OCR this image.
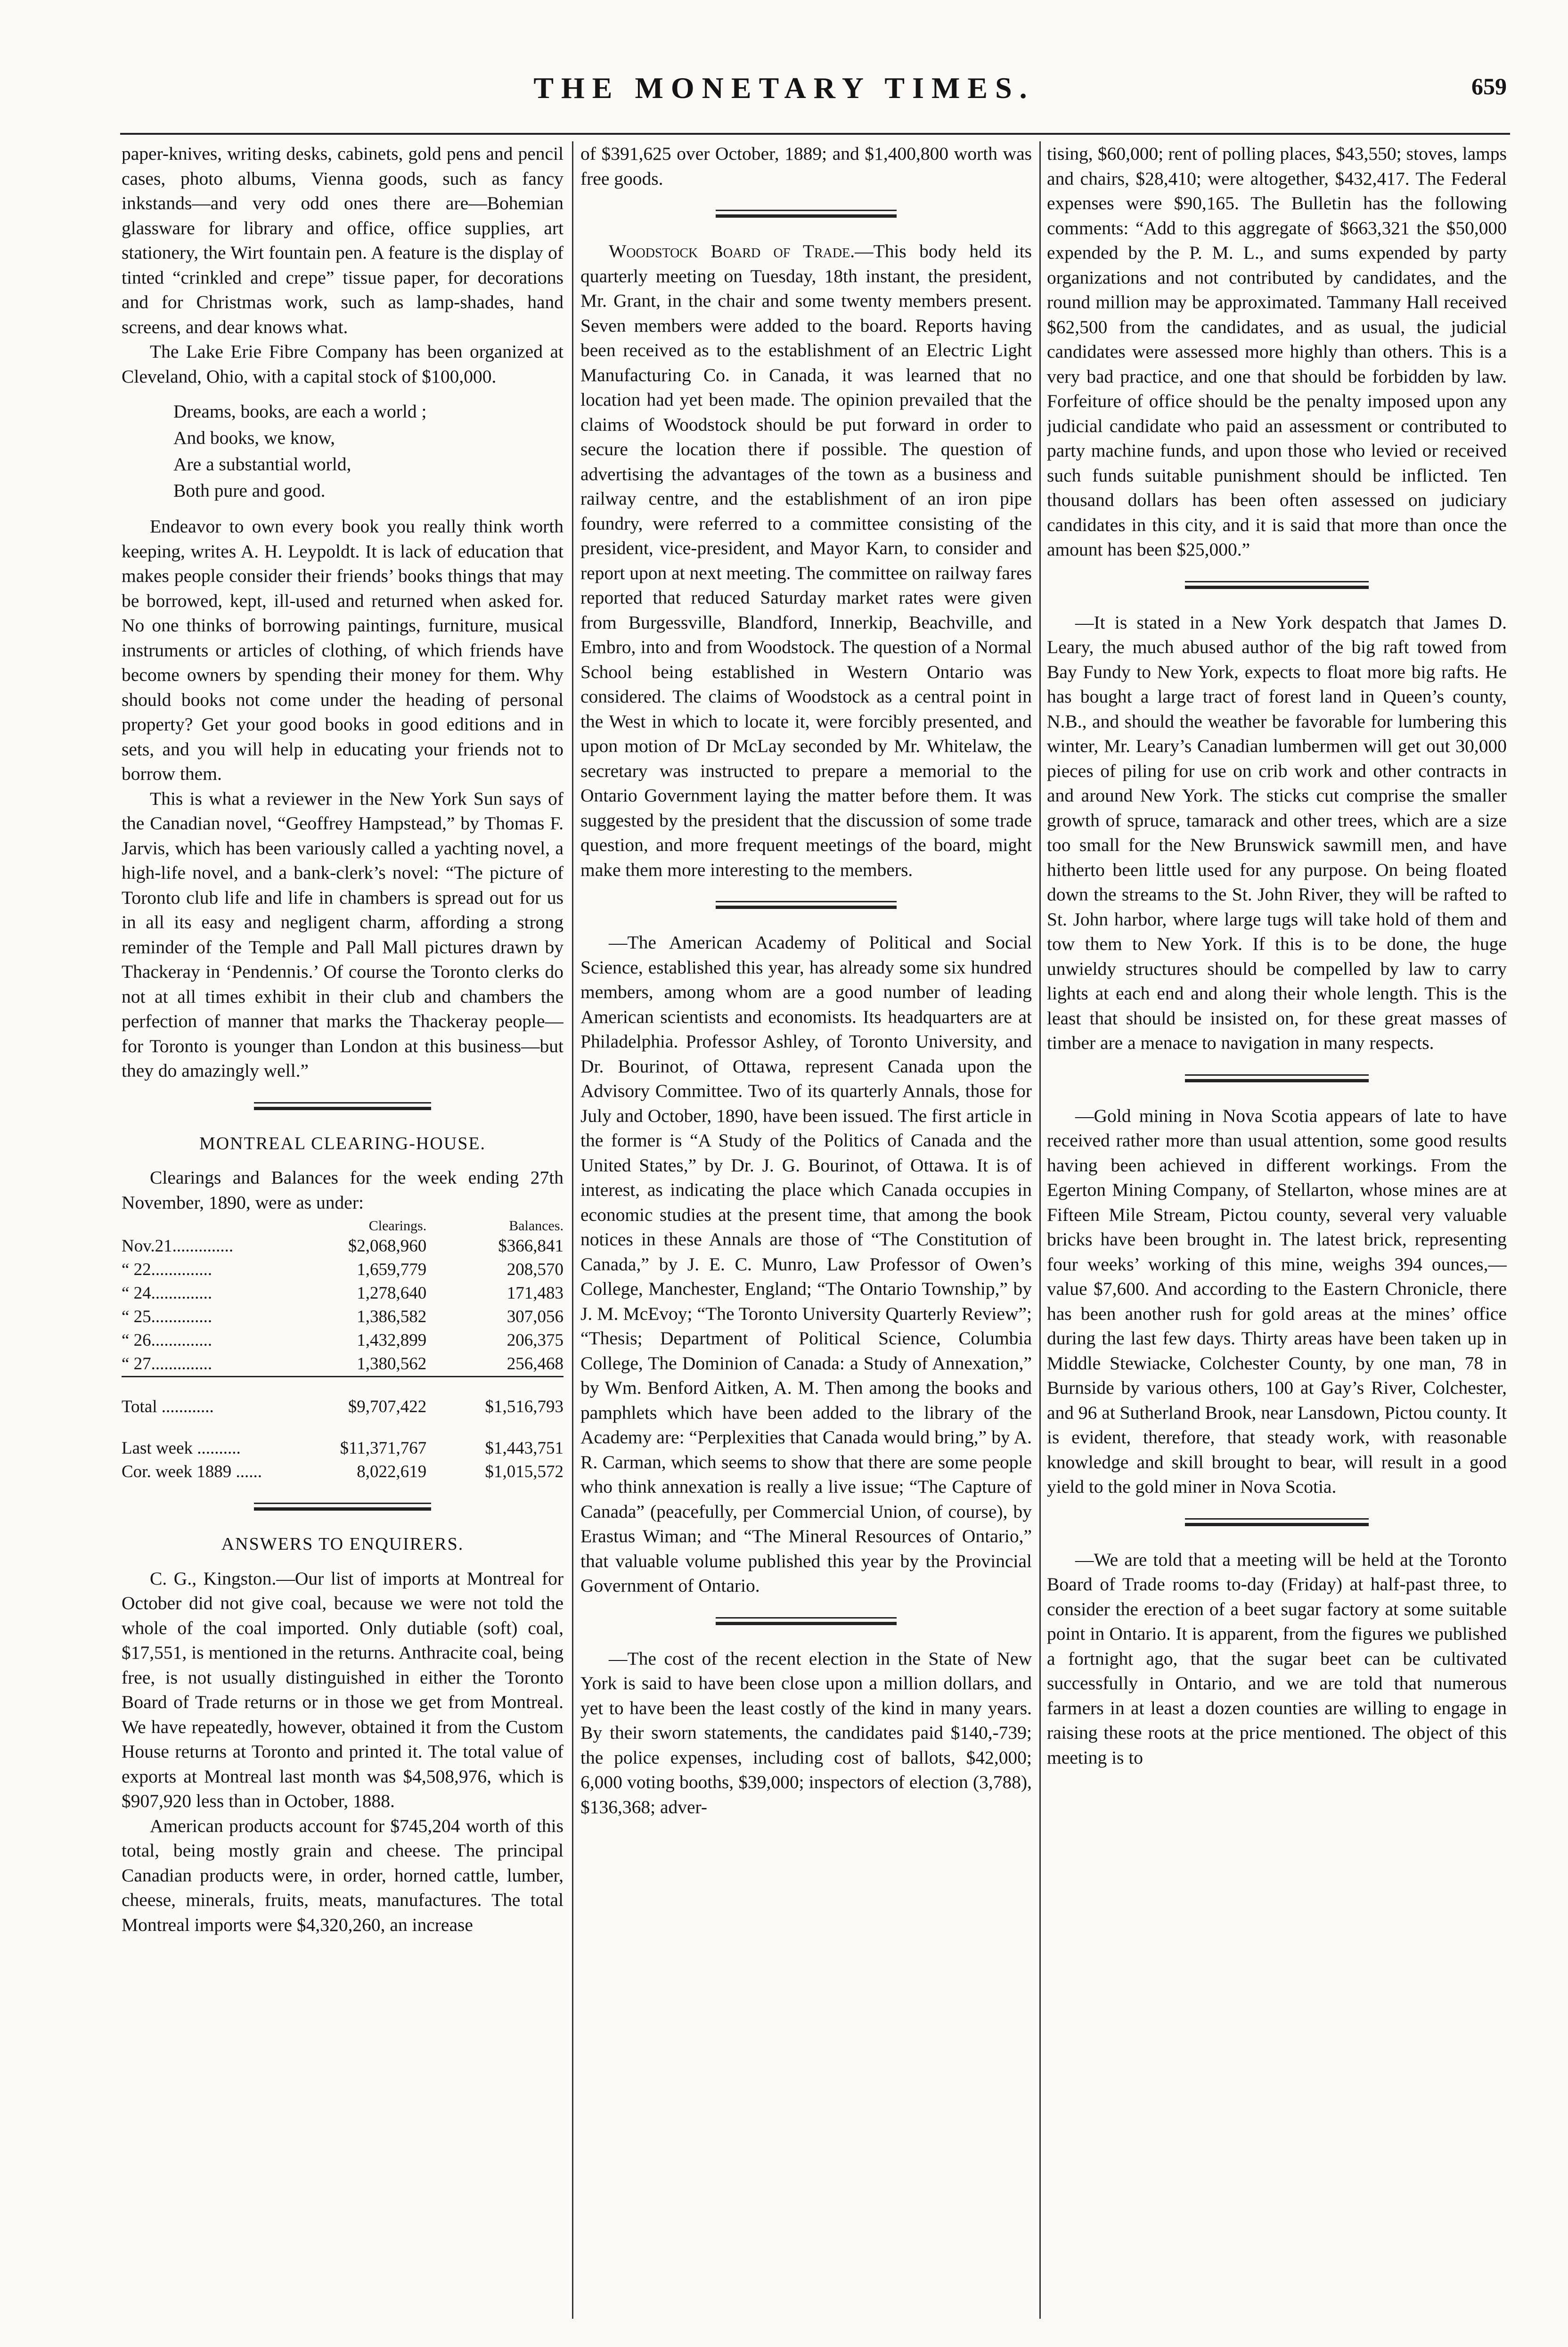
THE MONETARY TIMES.	659

paper-knives, writing desks, cabinets, gold pens and pencil cases, photo albums, Vienna goods, such as fancy inkstands—and very odd ones there are—Bohemian glassware for library and office, office supplies, art stationery, the Wirt fountain pen. A feature is the display of tinted “crinkled and crepe” tissue paper, for decorations and for Christmas work, such as lamp-shades, hand screens, and dear knows what.

The Lake Erie Fibre Company has been organized at Cleveland, Ohio, with a capital stock of $100,000.

Dreams, books, are each a world ;
And books, we know,
Are a substantial world,
Both pure and good.

Endeavor to own every book you really think worth keeping, writes A. H. Leypoldt. It is lack of education that makes people consider their friends’ books things that may be borrowed, kept, ill-used and returned when asked for. No one thinks of borrowing paintings, furniture, musical instruments or articles of clothing, of which friends have become owners by spending their money for them. Why should books not come under the heading of personal property? Get your good books in good editions and in sets, and you will help in educating your friends not to borrow them.

This is what a reviewer in the New York Sun says of the Canadian novel, “Geoffrey Hampstead,” by Thomas F. Jarvis, which has been variously called a yachting novel, a high-life novel, and a bank-clerk’s novel: “The picture of Toronto club life and life in chambers is spread out for us in all its easy and negligent charm, affording a strong reminder of the Temple and Pall Mall pictures drawn by Thackeray in ‘Pendennis.’ Of course the Toronto clerks do not at all times exhibit in their club and chambers the perfection of manner that marks the Thackeray people—for Toronto is younger than London at this business—but they do amazingly well.”

MONTREAL CLEARING-HOUSE.

Clearings and Balances for the week ending 27th November, 1890, were as under:

	Clearings.	Balances.
Nov.21..............	$2,068,960	$366,841
“ 22..............	1,659,779	208,570
“ 24..............	1,278,640	171,483
“ 25..............	1,386,582	307,056
“ 26..............	1,432,899	206,375
“ 27..............	1,380,562	256,468
Total ............	$9,707,422	$1,516,793
Last week ..........	$11,371,767	$1,443,751
Cor. week 1889 ......	8,022,619	$1,015,572
ANSWERS TO ENQUIRERS.

C. G., Kingston.—Our list of imports at Montreal for October did not give coal, because we were not told the whole of the coal imported. Only dutiable (soft) coal, $17,551, is mentioned in the returns. Anthracite coal, being free, is not usually distinguished in either the Toronto Board of Trade returns or in those we get from Montreal. We have repeatedly, however, obtained it from the Custom House returns at Toronto and printed it. The total value of exports at Montreal last month was $4,508,976, which is $907,920 less than in October, 1888.

American products account for $745,204 worth of this total, being mostly grain and cheese. The principal Canadian products were, in order, horned cattle, lumber, cheese, minerals, fruits, meats, manufactures. The total Montreal imports were $4,320,260, an increase

of $391,625 over October, 1889; and $1,400,800 worth was free goods.

Woodstock Board of Trade.—This body held its quarterly meeting on Tuesday, 18th instant, the president, Mr. Grant, in the chair and some twenty members present. Seven members were added to the board. Reports having been received as to the establishment of an Electric Light Manufacturing Co. in Canada, it was learned that no location had yet been made. The opinion prevailed that the claims of Woodstock should be put forward in order to secure the location there if possible. The question of advertising the advantages of the town as a business and railway centre, and the establishment of an iron pipe foundry, were referred to a committee consisting of the president, vice-president, and Mayor Karn, to consider and report upon at next meeting. The committee on railway fares reported that reduced Saturday market rates were given from Burgessville, Blandford, Innerkip, Beachville, and Embro, into and from Woodstock. The question of a Normal School being established in Western Ontario was considered. The claims of Woodstock as a central point in the West in which to locate it, were forcibly presented, and upon motion of Dr McLay seconded by Mr. Whitelaw, the secretary was instructed to prepare a memorial to the Ontario Government laying the matter before them. It was suggested by the president that the discussion of some trade question, and more frequent meetings of the board, might make them more interesting to the members.

—The American Academy of Political and Social Science, established this year, has already some six hundred members, among whom are a good number of leading American scientists and economists. Its headquarters are at Philadelphia. Professor Ashley, of Toronto University, and Dr. Bourinot, of Ottawa, represent Canada upon the Advisory Committee. Two of its quarterly Annals, those for July and October, 1890, have been issued. The first article in the former is “A Study of the Politics of Canada and the United States,” by Dr. J. G. Bourinot, of Ottawa. It is of interest, as indicating the place which Canada occupies in economic studies at the present time, that among the book notices in these Annals are those of “The Constitution of Canada,” by J. E. C. Munro, Law Professor of Owen’s College, Manchester, England; “The Ontario Township,” by J. M. McEvoy; “The Toronto University Quarterly Review”; “Thesis; Department of Political Science, Columbia College, The Dominion of Canada: a Study of Annexation,” by Wm. Benford Aitken, A. M. Then among the books and pamphlets which have been added to the library of the Academy are: “Perplexities that Canada would bring,” by A. R. Carman, which seems to show that there are some people who think annexation is really a live issue; “The Capture of Canada” (peacefully, per Commercial Union, of course), by Erastus Wiman; and “The Mineral Resources of Ontario,” that valuable volume published this year by the Provincial Government of Ontario.

—The cost of the recent election in the State of New York is said to have been close upon a million dollars, and yet to have been the least costly of the kind in many years. By their sworn statements, the candidates paid $140,-739; the police expenses, including cost of ballots, $42,000; 6,000 voting booths, $39,000; inspectors of election (3,788), $136,368; adver-

tising, $60,000; rent of polling places, $43,550; stoves, lamps and chairs, $28,410; were altogether, $432,417. The Federal expenses were $90,165. The Bulletin has the following comments: “Add to this aggregate of $663,321 the $50,000 expended by the P. M. L., and sums expended by party organizations and not contributed by candidates, and the round million may be approximated. Tammany Hall received $62,500 from the candidates, and as usual, the judicial candidates were assessed more highly than others. This is a very bad practice, and one that should be forbidden by law. Forfeiture of office should be the penalty imposed upon any judicial candidate who paid an assessment or contributed to party machine funds, and upon those who levied or received such funds suitable punishment should be inflicted. Ten thousand dollars has been often assessed on judiciary candidates in this city, and it is said that more than once the amount has been $25,000.”

—It is stated in a New York despatch that James D. Leary, the much abused author of the big raft towed from Bay Fundy to New York, expects to float more big rafts. He has bought a large tract of forest land in Queen’s county, N.B., and should the weather be favorable for lumbering this winter, Mr. Leary’s Canadian lumbermen will get out 30,000 pieces of piling for use on crib work and other contracts in and around New York. The sticks cut comprise the smaller growth of spruce, tamarack and other trees, which are a size too small for the New Brunswick sawmill men, and have hitherto been little used for any purpose. On being floated down the streams to the St. John River, they will be rafted to St. John harbor, where large tugs will take hold of them and tow them to New York. If this is to be done, the huge unwieldy structures should be compelled by law to carry lights at each end and along their whole length. This is the least that should be insisted on, for these great masses of timber are a menace to navigation in many respects.

—Gold mining in Nova Scotia appears of late to have received rather more than usual attention, some good results having been achieved in different workings. From the Egerton Mining Company, of Stellarton, whose mines are at Fifteen Mile Stream, Pictou county, several very valuable bricks have been brought in. The latest brick, representing four weeks’ working of this mine, weighs 394 ounces,—value $7,600. And according to the Eastern Chronicle, there has been another rush for gold areas at the mines’ office during the last few days. Thirty areas have been taken up in Middle Stewiacke, Colchester County, by one man, 78 in Burnside by various others, 100 at Gay’s River, Colchester, and 96 at Sutherland Brook, near Lansdown, Pictou county. It is evident, therefore, that steady work, with reasonable knowledge and skill brought to bear, will result in a good yield to the gold miner in Nova Scotia.

—We are told that a meeting will be held at the Toronto Board of Trade rooms to-day (Friday) at half-past three, to consider the erection of a beet sugar factory at some suitable point in Ontario. It is apparent, from the figures we published a fortnight ago, that the sugar beet can be cultivated successfully in Ontario, and we are told that numerous farmers in at least a dozen counties are willing to engage in raising these roots at the price mentioned. The object of this meeting is to
